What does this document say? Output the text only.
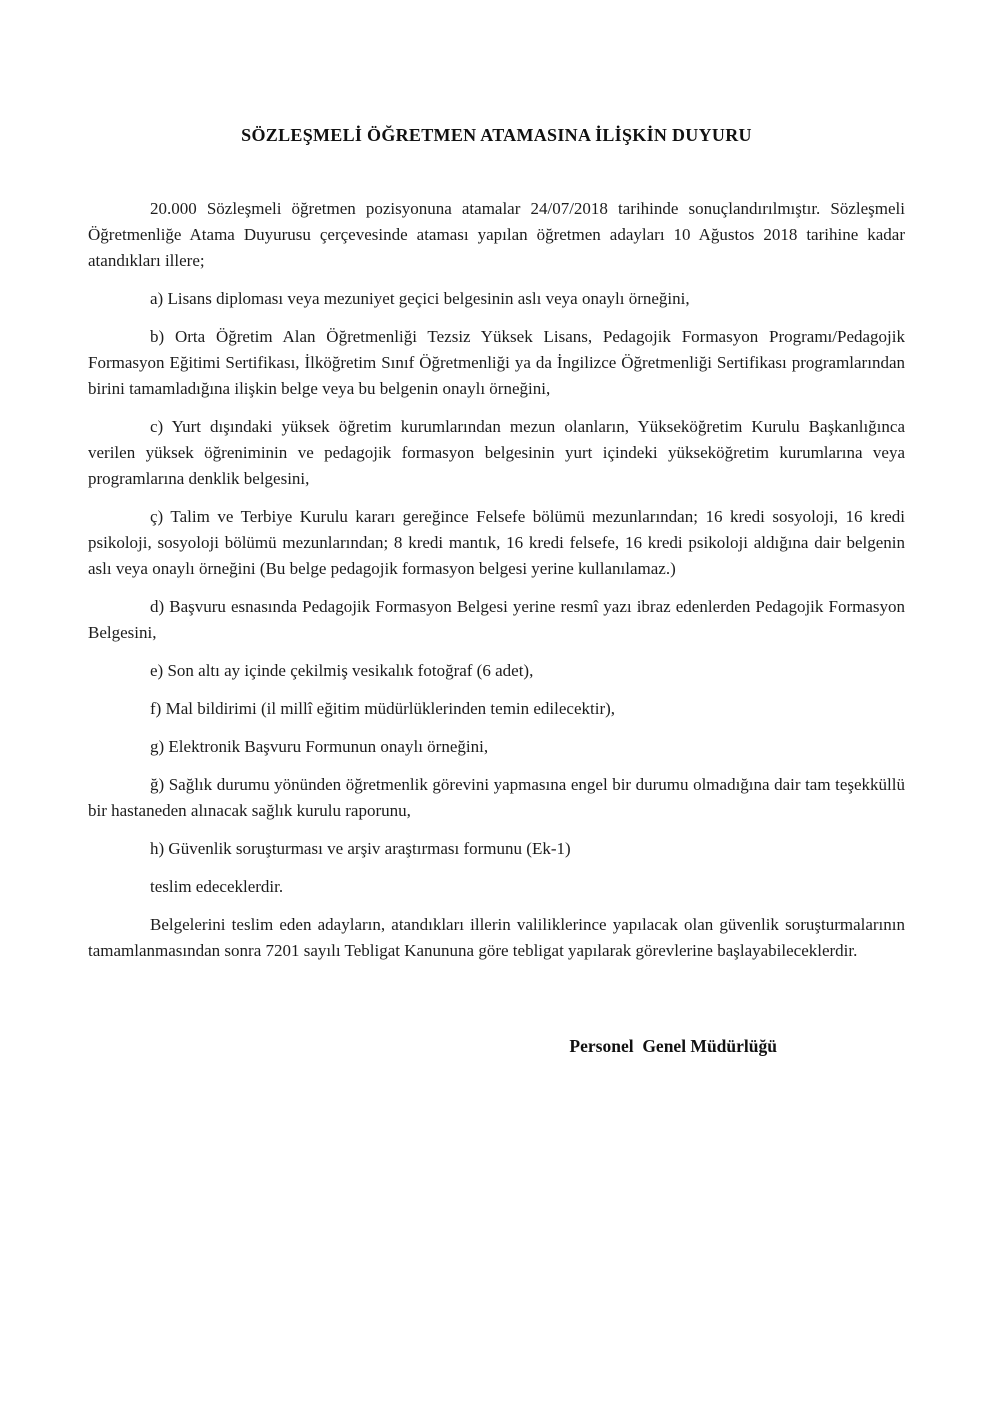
SÖZLEŞMELİ ÖĞRETMEN ATAMASINA İLİŞKİN DUYURU

20.000 Sözleşmeli öğretmen pozisyonuna atamalar 24/07/2018 tarihinde sonuçlandırılmıştır. Sözleşmeli Öğretmenliğe Atama Duyurusu çerçevesinde ataması yapılan öğretmen adayları 10 Ağustos 2018 tarihine kadar atandıkları illere;

a) Lisans diploması veya mezuniyet geçici belgesinin aslı veya onaylı örneğini,

b) Orta Öğretim Alan Öğretmenliği Tezsiz Yüksek Lisans, Pedagojik Formasyon Programı/Pedagojik Formasyon Eğitimi Sertifikası, İlköğretim Sınıf Öğretmenliği ya da İngilizce Öğretmenliği Sertifikası programlarından birini tamamladığına ilişkin belge veya bu belgenin onaylı örneğini,

c) Yurt dışındaki yüksek öğretim kurumlarından mezun olanların, Yükseköğretim Kurulu Başkanlığınca verilen yüksek öğreniminin ve pedagojik formasyon belgesinin yurt içindeki yükseköğretim kurumlarına veya programlarına denklik belgesini,

ç) Talim ve Terbiye Kurulu kararı gereğince Felsefe bölümü mezunlarından; 16 kredi sosyoloji, 16 kredi psikoloji, sosyoloji bölümü mezunlarından; 8 kredi mantık, 16 kredi felsefe, 16 kredi psikoloji aldığına dair belgenin aslı veya onaylı örneğini (Bu belge pedagojik formasyon belgesi yerine kullanılamaz.)

d) Başvuru esnasında Pedagojik Formasyon Belgesi yerine resmî yazı ibraz edenlerden Pedagojik Formasyon Belgesini,

e) Son altı ay içinde çekilmiş vesikalık fotoğraf (6 adet),

f) Mal bildirimi (il millî eğitim müdürlüklerinden temin edilecektir),

g) Elektronik Başvuru Formunun onaylı örneğini,

ğ) Sağlık durumu yönünden öğretmenlik görevini yapmasına engel bir durumu olmadığına dair tam teşekküllü bir hastaneden alınacak sağlık kurulu raporunu,

h) Güvenlik soruşturması ve arşiv araştırması formunu (Ek-1)

teslim edeceklerdir.

Belgelerini teslim eden adayların, atandıkları illerin valiliklerince yapılacak olan güvenlik soruşturmalarının tamamlanmasından sonra 7201 sayılı Tebligat Kanununa göre tebligat yapılarak görevlerine başlayabileceklerdir.

Personel  Genel Müdürlüğü
